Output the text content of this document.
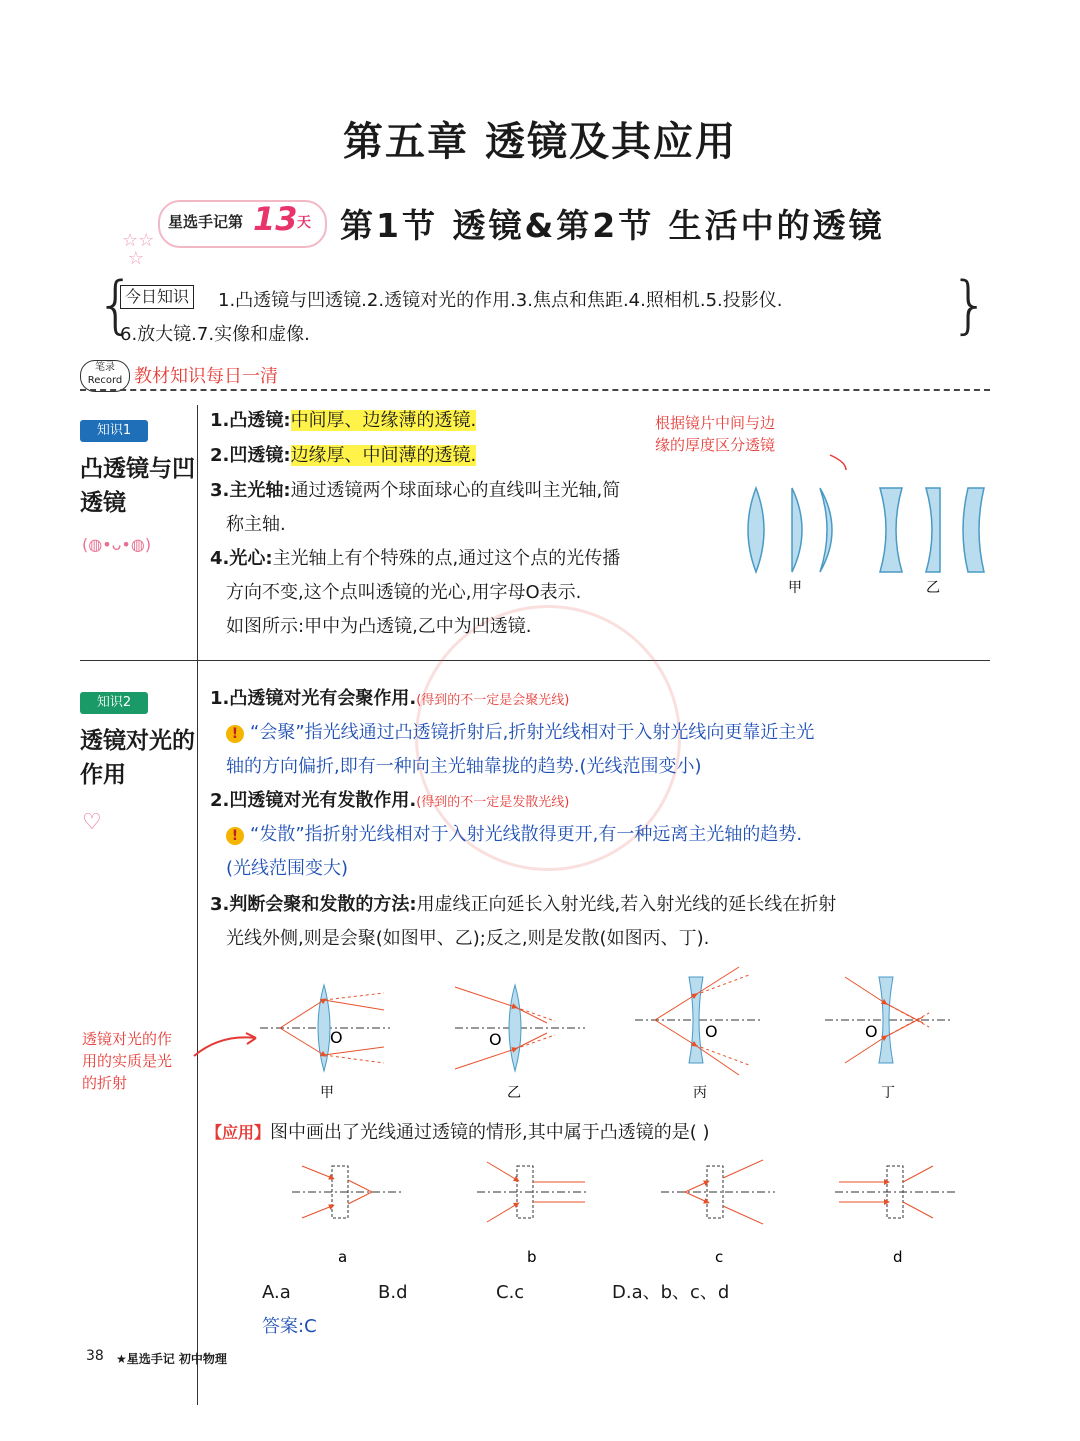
第五章 透镜及其应用
星选手记第 13 天
☆☆
☆
第1节 透镜&第2节 生活中的透镜
{	}
今日知识 1.凸透镜与凹透镜.2.透镜对光的作用.3.焦点和焦距.4.照相机.5.投影仪.
6.放大镜.7.实像和虚像.
笔录 Record 教材知识每日一清
知识1
凸透镜与凹透镜
(◍•ᴗ•◍)
1.凸透镜:中间厚、边缘薄的透镜.
2.凹透镜:边缘厚、中间薄的透镜.
3.主光轴:通过透镜两个球面球心的直线叫主光轴,简
称主轴.
4.光心:主光轴上有个特殊的点,通过这个点的光传播
方向不变,这个点叫透镜的光心,用字母O表示.
如图所示:甲中为凸透镜,乙中为凹透镜.
根据镜片中间与边
缘的厚度区分透镜
甲	乙
知识2
透镜对光的作用
♡
1.凸透镜对光有会聚作用.(得到的不一定是会聚光线)
! “会聚”指光线通过凸透镜折射后,折射光线相对于入射光线向更靠近主光
轴的方向偏折,即有一种向主光轴靠拢的趋势.(光线范围变小)
2.凹透镜对光有发散作用.(得到的不一定是发散光线)
! “发散”指折射光线相对于入射光线散得更开,有一种远离主光轴的趋势.
(光线范围变大)
3.判断会聚和发散的方法:用虚线正向延长入射光线,若入射光线的延长线在折射
光线外侧,则是会聚(如图甲、乙);反之,则是发散(如图丙、丁).
透镜对光的作
用的实质是光
的折射
O
甲
O
乙
O
丙
O
丁
【应用】图中画出了光线通过透镜的情形,其中属于凸透镜的是( )
a	b	c	d
A.a	B.d	C.c	D.a、b、c、d
答案:C
38 ★星选手记 初中物理
